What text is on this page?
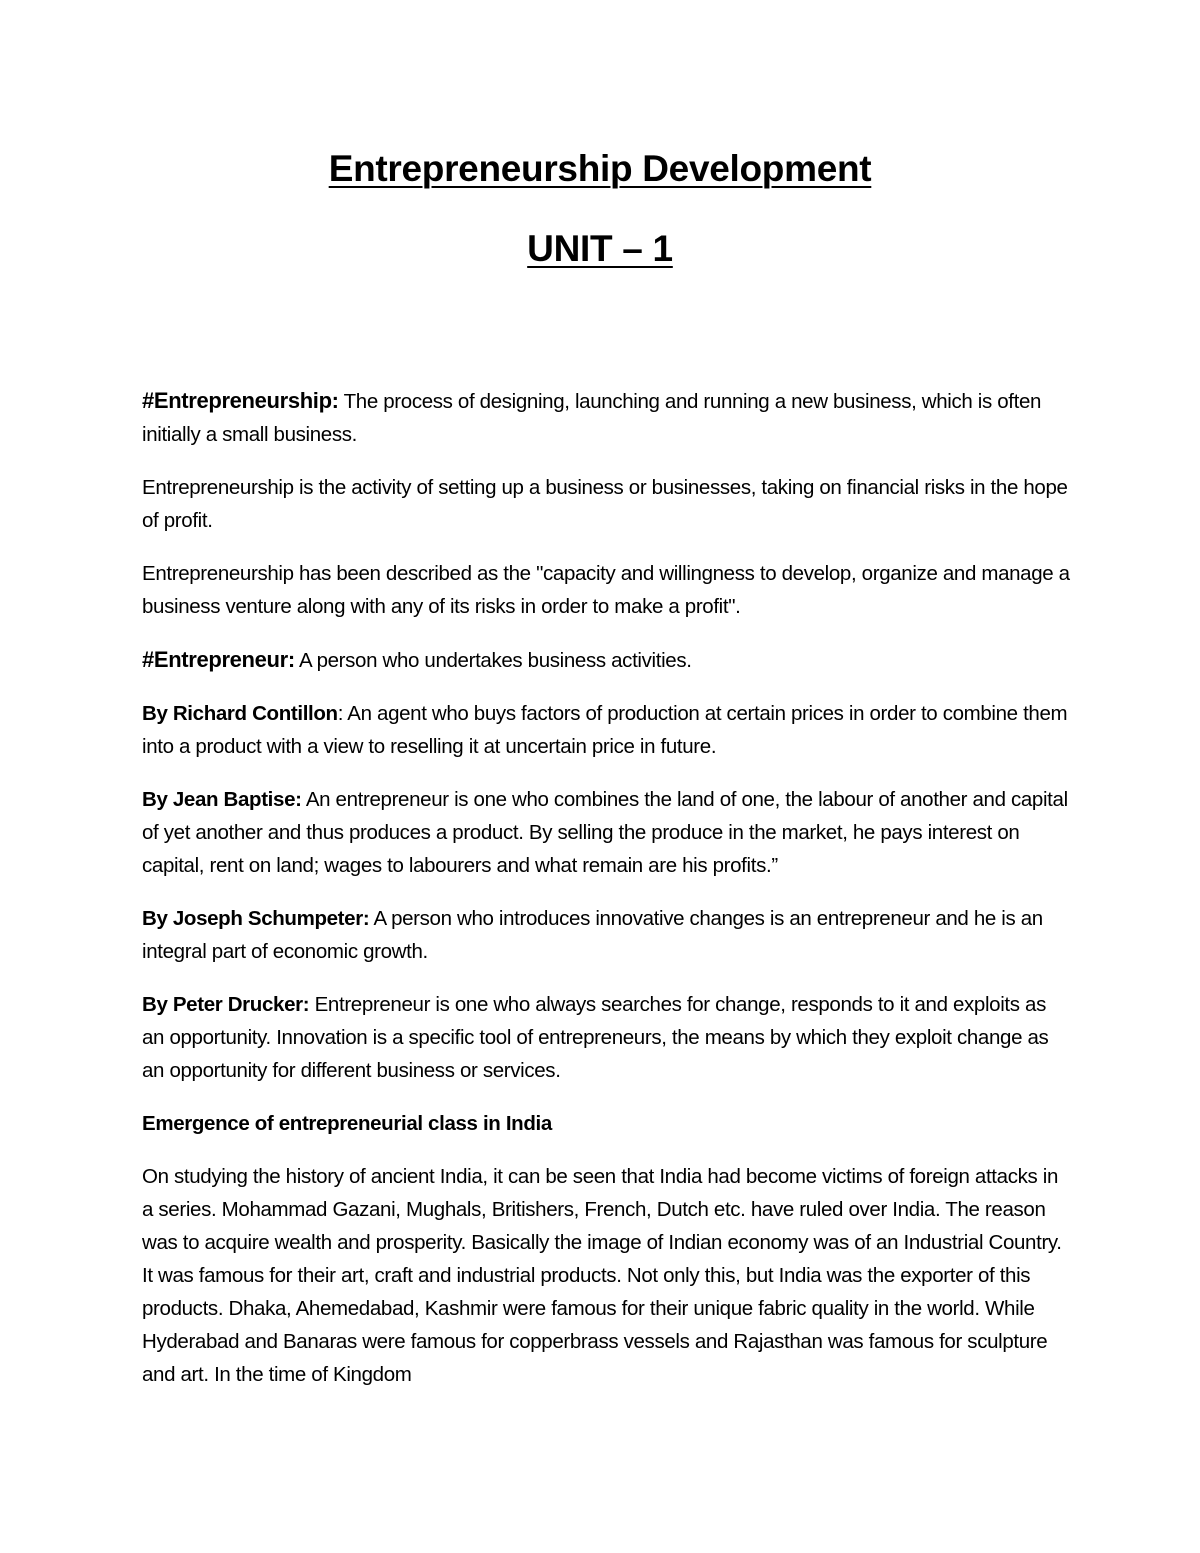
Entrepreneurship Development
UNIT – 1

#Entrepreneurship: The process of designing, launching and running a new business, which is often initially a small business.

Entrepreneurship is the activity of setting up a business or businesses, taking on financial risks in the hope of profit.

Entrepreneurship has been described as the "capacity and willingness to develop, organize and manage a business venture along with any of its risks in order to make a profit".

#Entrepreneur: A person who undertakes business activities.

By Richard Contillon: An agent who buys factors of production at certain prices in order to combine them into a product with a view to reselling it at uncertain price in future.

By Jean Baptise: An entrepreneur is one who combines the land of one, the labour of another and capital of yet another and thus produces a product. By selling the produce in the market, he pays interest on capital, rent on land; wages to labourers and what remain are his profits.”

By Joseph Schumpeter: A person who introduces innovative changes is an entrepreneur and he is an integral part of economic growth.

By Peter Drucker: Entrepreneur is one who always searches for change, responds to it and exploits as an opportunity. Innovation is a specific tool of entrepreneurs, the means by which they exploit change as an opportunity for different business or services.

Emergence of entrepreneurial class in India

On studying the history of ancient India, it can be seen that India had become victims of foreign attacks in a series. Mohammad Gazani, Mughals, Britishers, French, Dutch etc. have ruled over India. The reason was to acquire wealth and prosperity. Basically the image of Indian economy was of an Industrial Country. It was famous for their art, craft and industrial products. Not only this, but India was the exporter of this products. Dhaka, Ahemedabad, Kashmir were famous for their unique fabric quality in the world. While Hyderabad and Banaras were famous for copperbrass vessels and Rajasthan was famous for sculpture and art. In the time of Kingdom
